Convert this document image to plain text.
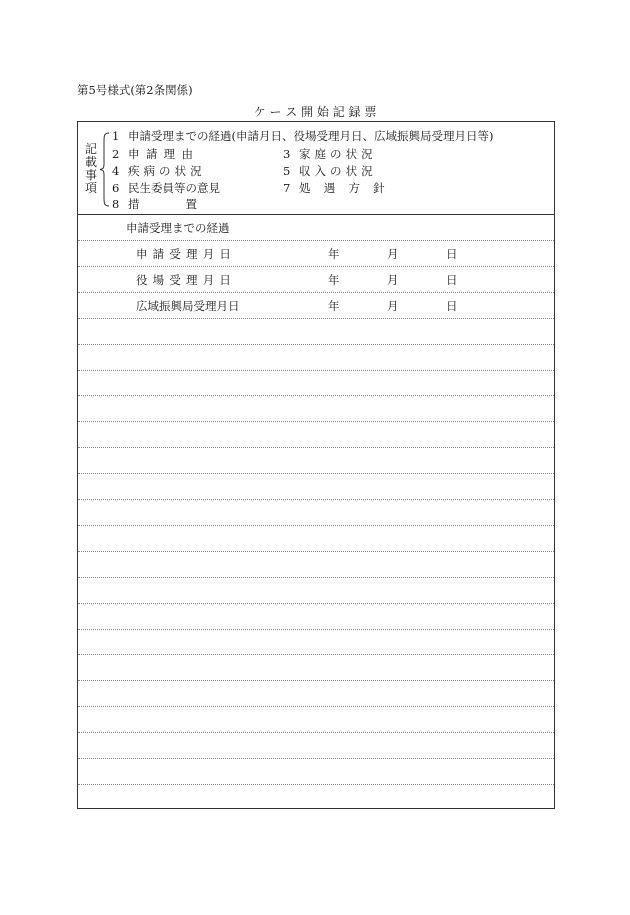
第5号様式(第2条関係)
ケ ー ス 開 始 記 録 票
記
載
事
項
1 申請受理までの経過(申請月日、役場受理月日、広域振興局受理月日等)
2 申請理由	3 家庭の状況
4 疾病の状況	5 収入の状況
6 民生委員等の意見	7 処遇方針
8 措　　　　置
申請受理までの経過
申請受理月日	年	月	日
役場受理月日	年	月	日
広域振興局受理月日	年	月	日
